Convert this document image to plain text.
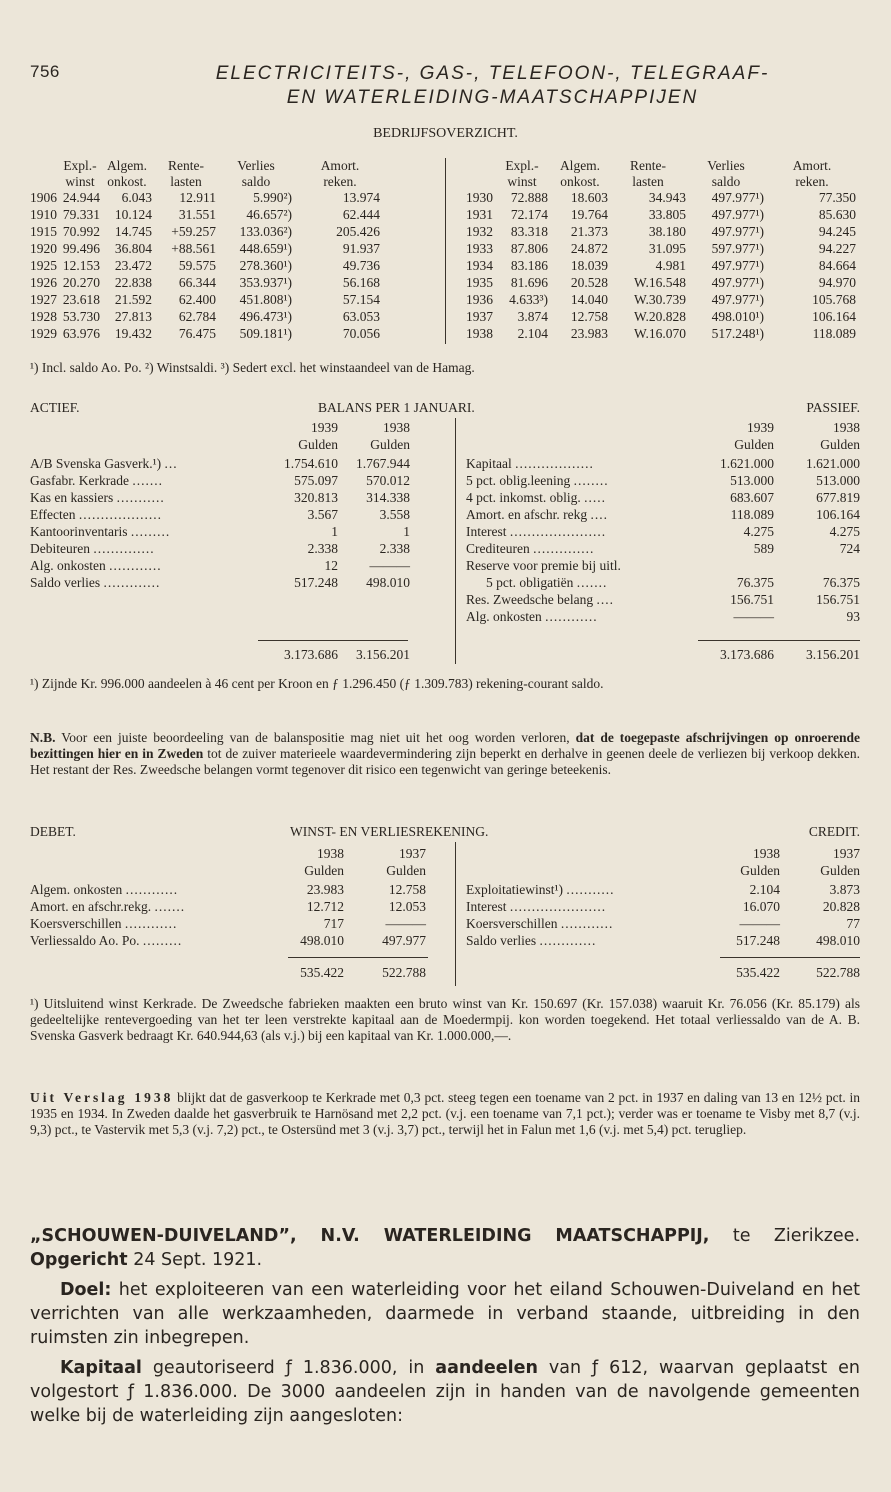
756	ELECTRICITEITS-, GAS-, TELEFOON-, TELEGRAAF-
EN WATERLEIDING-MAATSCHAPPIJEN
BEDRIJFSOVERZICHT.
Expl.- Algem.	Rente-	Verlies	Amort.
winst onkost.	lasten	saldo	reken.
1906 24.944	6.043	12.911	5.990²)	13.974
1910 79.331	10.124	31.551	46.657²)	62.444
1915 70.992	14.745	+59.257	133.036²)	205.426
1920 99.496	36.804	+88.561	448.659¹)	91.937
1925 12.153	23.472	59.575	278.360¹)	49.736
1926 20.270	22.838	66.344	353.937¹)	56.168
1927 23.618	21.592	62.400	451.808¹)	57.154
1928 53.730	27.813	62.784	496.473¹)	63.053
1929 63.976	19.432	76.475	509.181¹)	70.056
Expl.-	Algem.	Rente-	Verlies	Amort.
winst	onkost.	lasten	saldo	reken.
1930	72.888	18.603	34.943	497.977¹)	77.350
1931	72.174	19.764	33.805	497.977¹)	85.630
1932	83.318	21.373	38.180	497.977¹)	94.245
1933	87.806	24.872	31.095	597.977¹)	94.227
1934	83.186	18.039	4.981	497.977¹)	84.664
1935	81.696	20.528	W.16.548	497.977¹)	94.970
1936	4.633³)	14.040	W.30.739	497.977¹)	105.768
1937	3.874	12.758	W.20.828	498.010¹)	106.164
1938	2.104	23.983	W.16.070	517.248¹)	118.089
¹) Incl. saldo Ao. Po. ²) Winstsaldi. ³) Sedert excl. het winstaandeel van de Hamag.
ACTIEF.	BALANS PER 1 JANUARI.	PASSIEF.
1939
Gulden
1938
Gulden
A/B Svenska Gasverk.¹) ...	1.754.610	1.767.944
Gasfabr. Kerkrade .......	575.097	570.012
Kas en kassiers ...........	320.813	314.338
Effecten ...................	3.567	3.558
Kantoorinventaris .........	1	1
Debiteuren ..............	2.338	2.338
Alg. onkosten ............	12	———
Saldo verlies .............	517.248	498.010
1939
Gulden
1938
Gulden
Kapitaal ..................	1.621.000	1.621.000
5 pct. oblig.leening ........	513.000	513.000
4 pct. inkomst. oblig. .....	683.607	677.819
Amort. en afschr. rekg ....	118.089	106.164
Interest ......................	4.275	4.275
Crediteuren ..............	589	724
Reserve voor premie bij uitl.
5 pct. obligatiën .......	76.375	76.375
Res. Zweedsche belang ....	156.751	156.751
Alg. onkosten ............	———	93
3.173.686	3.156.201	3.173.686	3.156.201
¹) Zijnde Kr. 996.000 aandeelen à 46 cent per Kroon en ƒ 1.296.450 (ƒ 1.309.783) rekening-courant saldo.
N.B. Voor een juiste beoordeeling van de balanspositie mag niet uit het oog worden verloren, dat de toegepaste afschrijvingen op onroerende bezittingen hier en in Zweden tot de zuiver materieele waardevermindering zijn beperkt en derhalve in geenen deele de verliezen bij verkoop dekken. Het restant der Res. Zweedsche belangen vormt tegenover dit risico een tegenwicht van geringe beteekenis.
DEBET.	WINST- EN VERLIESREKENING.	CREDIT.
1938
Gulden
1937
Gulden
Algem. onkosten ............	23.983	12.758
Amort. en afschr.rekg. .......	12.712	12.053
Koersverschillen ............	717	———
Verliessaldo Ao. Po. .........	498.010	497.977
1938
Gulden
1937
Gulden
Exploitatiewinst¹) ...........	2.104	3.873
Interest ......................	16.070	20.828
Koersverschillen ............	———	77
Saldo verlies .............	517.248	498.010
535.422	522.788	535.422	522.788
¹) Uitsluitend winst Kerkrade. De Zweedsche fabrieken maakten een bruto winst van Kr. 150.697 (Kr. 157.038) waaruit Kr. 76.056 (Kr. 85.179) als gedeeltelijke rentevergoeding van het ter leen verstrekte kapitaal aan de Moedermpij. kon worden toegekend. Het totaal verliessaldo van de A. B. Svenska Gasverk bedraagt Kr. 640.944,63 (als v.j.) bij een kapitaal van Kr. 1.000.000,—.
Uit Verslag 1938 blijkt dat de gasverkoop te Kerkrade met 0,3 pct. steeg tegen een toename van 2 pct. in 1937 en daling van 13 en 12½ pct. in 1935 en 1934. In Zweden daalde het gasverbruik te Harnösand met 2,2 pct. (v.j. een toename van 7,1 pct.); verder was er toename te Visby met 8,7 (v.j. 9,3) pct., te Vastervik met 5,3 (v.j. 7,2) pct., te Ostersünd met 3 (v.j. 3,7) pct., terwijl het in Falun met 1,6 (v.j. met 5,4) pct. terugliep.
„SCHOUWEN-DUIVELAND”, N.V. WATERLEIDING MAATSCHAPPIJ, te Zierikzee. Opgericht 24 Sept. 1921.
Doel: het exploiteeren van een waterleiding voor het eiland Schouwen-Duiveland en het verrichten van alle werkzaamheden, daarmede in verband staande, uitbreiding in den ruimsten zin inbegrepen.
Kapitaal geautoriseerd ƒ 1.836.000, in aandeelen van ƒ 612, waarvan geplaatst en volgestort ƒ 1.836.000. De 3000 aandeelen zijn in handen van de navolgende gemeenten welke bij de waterleiding zijn aangesloten:
